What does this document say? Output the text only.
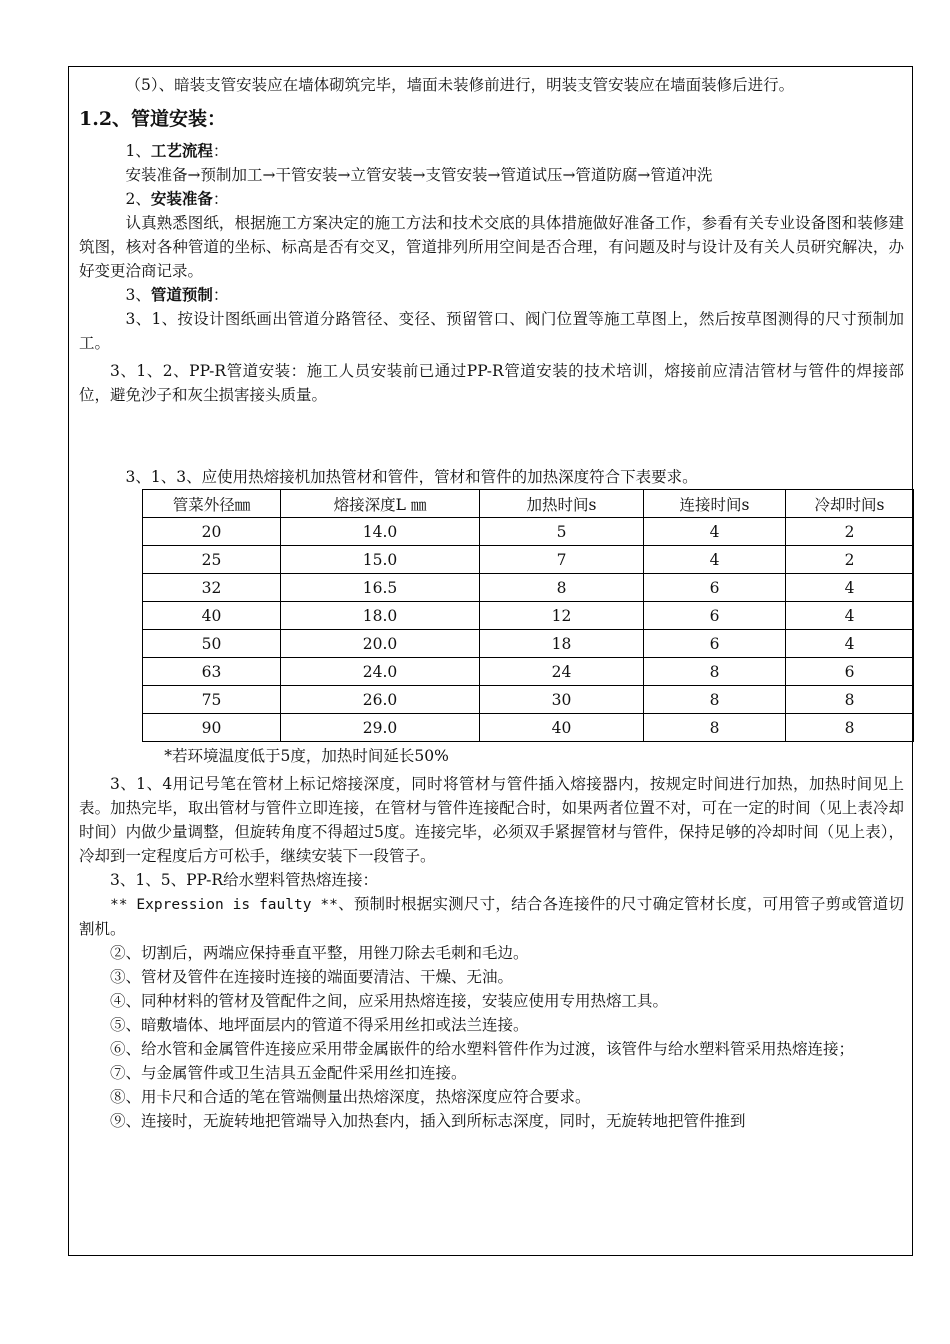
（5）、暗装支管安装应在墙体砌筑完毕，墙面未装修前进行，明装支管安装应在墙面装修后进行。

1.2、管道安装：

1、工艺流程：

安装准备→预制加工→干管安装→立管安装→支管安装→管道试压→管道防腐→管道冲洗

2、安装准备：

认真熟悉图纸，根据施工方案决定的施工方法和技术交底的具体措施做好准备工作，参看有关专业设备图和装修建筑图，核对各种管道的坐标、标高是否有交叉，管道排列所用空间是否合理，有问题及时与设计及有关人员研究解决，办好变更洽商记录。

3、管道预制：

3、1、按设计图纸画出管道分路管径、变径、预留管口、阀门位置等施工草图上，然后按草图测得的尺寸预制加工。

3、1、2、PP-R管道安装：施工人员安装前已通过PP-R管道安装的技术培训，熔接前应清洁管材与管件的焊接部位，避免沙子和灰尘损害接头质量。

3、1、3、应使用热熔接机加热管材和管件，管材和管件的加热深度符合下表要求。

管菜外径㎜	熔接深度L ㎜	加热时间s	连接时间s	冷却时间s
20	14.0	5	4	2
25	15.0	7	4	2
32	16.5	8	6	4
40	18.0	12	6	4
50	20.0	18	6	4
63	24.0	24	8	6
75	26.0	30	8	8
90	29.0	40	8	8

*若环境温度低于5度，加热时间延长50%

3、1、4用记号笔在管材上标记熔接深度，同时将管材与管件插入熔接器内，按规定时间进行加热，加热时间见上表。加热完毕，取出管材与管件立即连接，在管材与管件连接配合时，如果两者位置不对，可在一定的时间（见上表冷却时间）内做少量调整，但旋转角度不得超过5度。连接完毕，必须双手紧握管材与管件，保持足够的冷却时间（见上表），冷却到一定程度后方可松手，继续安装下一段管子。

3、1、5、PP-R给水塑料管热熔连接：

** Expression is faulty **、预制时根据实测尺寸，结合各连接件的尺寸确定管材长度，可用管子剪或管道切割机。

②、切割后，两端应保持垂直平整，用锉刀除去毛刺和毛边。

③、管材及管件在连接时连接的端面要清洁、干燥、无油。

④、同种材料的管材及管配件之间，应采用热熔连接，安装应使用专用热熔工具。

⑤、暗敷墙体、地坪面层内的管道不得采用丝扣或法兰连接。

⑥、给水管和金属管件连接应采用带金属嵌件的给水塑料管件作为过渡，该管件与给水塑料管采用热熔连接；

⑦、与金属管件或卫生洁具五金配件采用丝扣连接。

⑧、用卡尺和合适的笔在管端侧量出热熔深度，热熔深度应符合要求。

⑨、连接时，无旋转地把管端导入加热套内，插入到所标志深度，同时，无旋转地把管件推到
